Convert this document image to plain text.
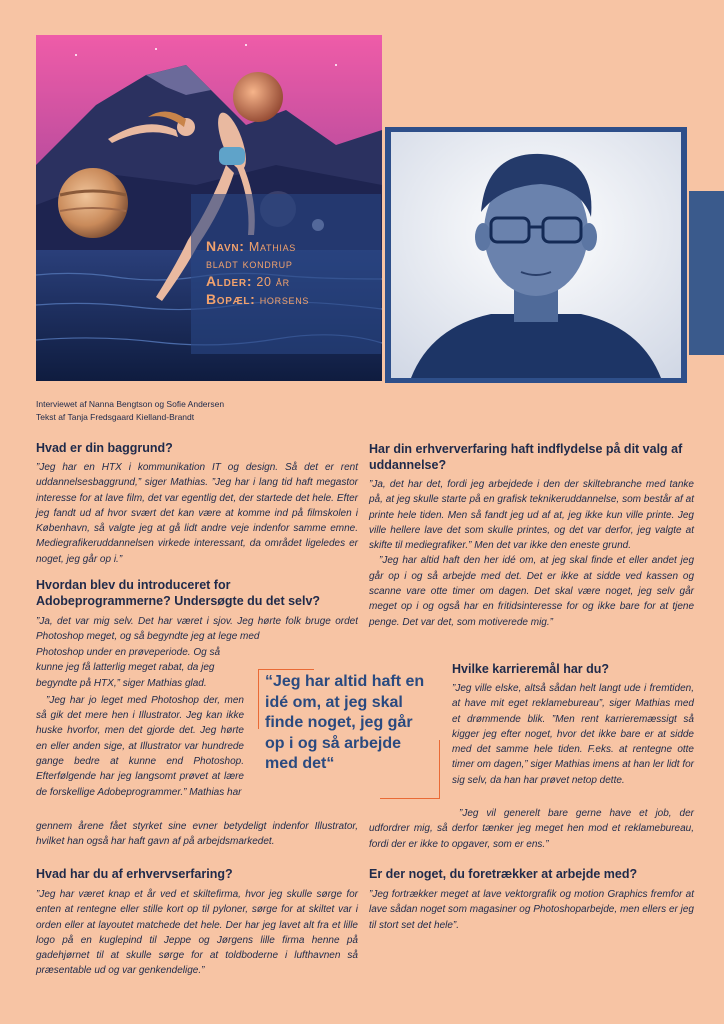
Navn: Mathias
bladt kondrup
Alder: 20 år
Bopæl: horsens
Interviewet af Nanna Bengtson og Sofie Andersen
Tekst af Tanja Fredsgaard Kielland-Brandt
Hvad er din baggrund?

”Jeg har en HTX i kommunikation IT og design. Så det er rent uddannelsesbaggrund,” siger Mathias. ”Jeg har i lang tid haft megastor interesse for at lave film, det var egentlig det, der startede det hele. Efter jeg fandt ud af hvor svært det kan være at komme ind på filmskolen i København, så valgte jeg at gå lidt andre veje indenfor samme emne. Mediegrafikeruddannelsen virkede interessant, da området ligeledes er noget, jeg går op i.”

Hvordan blev du introduceret for Adobeprogrammerne? Undersøgte du det selv?

”Ja, det var mig selv. Det har været i sjov. Jeg hørte folk bruge ordet Photoshop meget, og så begyndte jeg at lege med

Photoshop under en prøveperiode. Og så kunne jeg få latterlig meget rabat, da jeg begyndte på HTX,” siger Mathias glad.

”Jeg har jo leget med Photoshop der, men så gik det mere hen i Illustrator. Jeg kan ikke huske hvorfor, men det gjorde det. Jeg hørte en eller anden sige, at Illustrator var hundrede gange bedre at kunne end Photoshop. Efterfølgende har jeg langsomt prøvet at lære de forskellige Adobeprogrammer.” Mathias har

gennem årene fået styrket sine evner betydeligt indenfor Illustrator, hvilket han også har haft gavn af på arbejdsmarkedet.

Hvad har du af erhvervserfaring?

”Jeg har været knap et år ved et skiltefirma, hvor jeg skulle sørge for enten at rentegne eller stille kort op til pyloner, sørge for at skiltet var i orden eller at layoutet matchede det hele. Der har jeg lavet alt fra et lille logo på en kuglepind til Jeppe og Jørgens lille firma henne på gadehjørnet til at skulle sørge for at toldboderne i lufthavnen så præsentable ud og var genkendelige.”

Har din erhververfaring haft indflydelse på dit valg af uddannelse?

”Ja, det har det, fordi jeg arbejdede i den der skiltebranche med tanke på, at jeg skulle starte på en grafisk teknikeruddannelse, som består af at printe hele tiden. Men så fandt jeg ud af at, jeg ikke kun ville printe. Jeg ville hellere lave det som skulle printes, og det var derfor, jeg valgte at skifte til mediegrafiker.” Men det var ikke den eneste grund.

”Jeg har altid haft den her idé om, at jeg skal finde et eller andet jeg går op i og så arbejde med det. Det er ikke at sidde ved kassen og scanne vare otte timer om dagen. Det skal være noget, jeg selv går meget op i og også har en fritidsinteresse for og ikke bare for at tjene penge. Det var det, som motiverede mig.”

Hvilke karrieremål har du?

”Jeg ville elske, altså sådan helt langt ude i fremtiden, at have mit eget reklamebureau”, siger Mathias med et drømmende blik. ”Men rent karrieremæssigt så kigger jeg efter noget, hvor det ikke bare er at sidde med det samme hele tiden. F.eks. at rentegne otte timer om dagen,” siger Mathias imens at han ler lidt for sig selv, da han har prøvet netop dette.

”Jeg vil generelt bare gerne have et job, der udfordrer mig, så derfor tænker jeg meget hen mod et reklamebureau, fordi der er ikke to opgaver, som er ens.”

Er der noget, du foretrækker at arbejde med?

”Jeg fortrækker meget at lave vektorgrafik og motion Graphics fremfor at lave sådan noget som magasiner og Photoshoparbejde, men ellers er jeg til stort set det hele”.

“Jeg har altid haft en idé om, at jeg skal finde noget, jeg går op i og så arbejde med det“
